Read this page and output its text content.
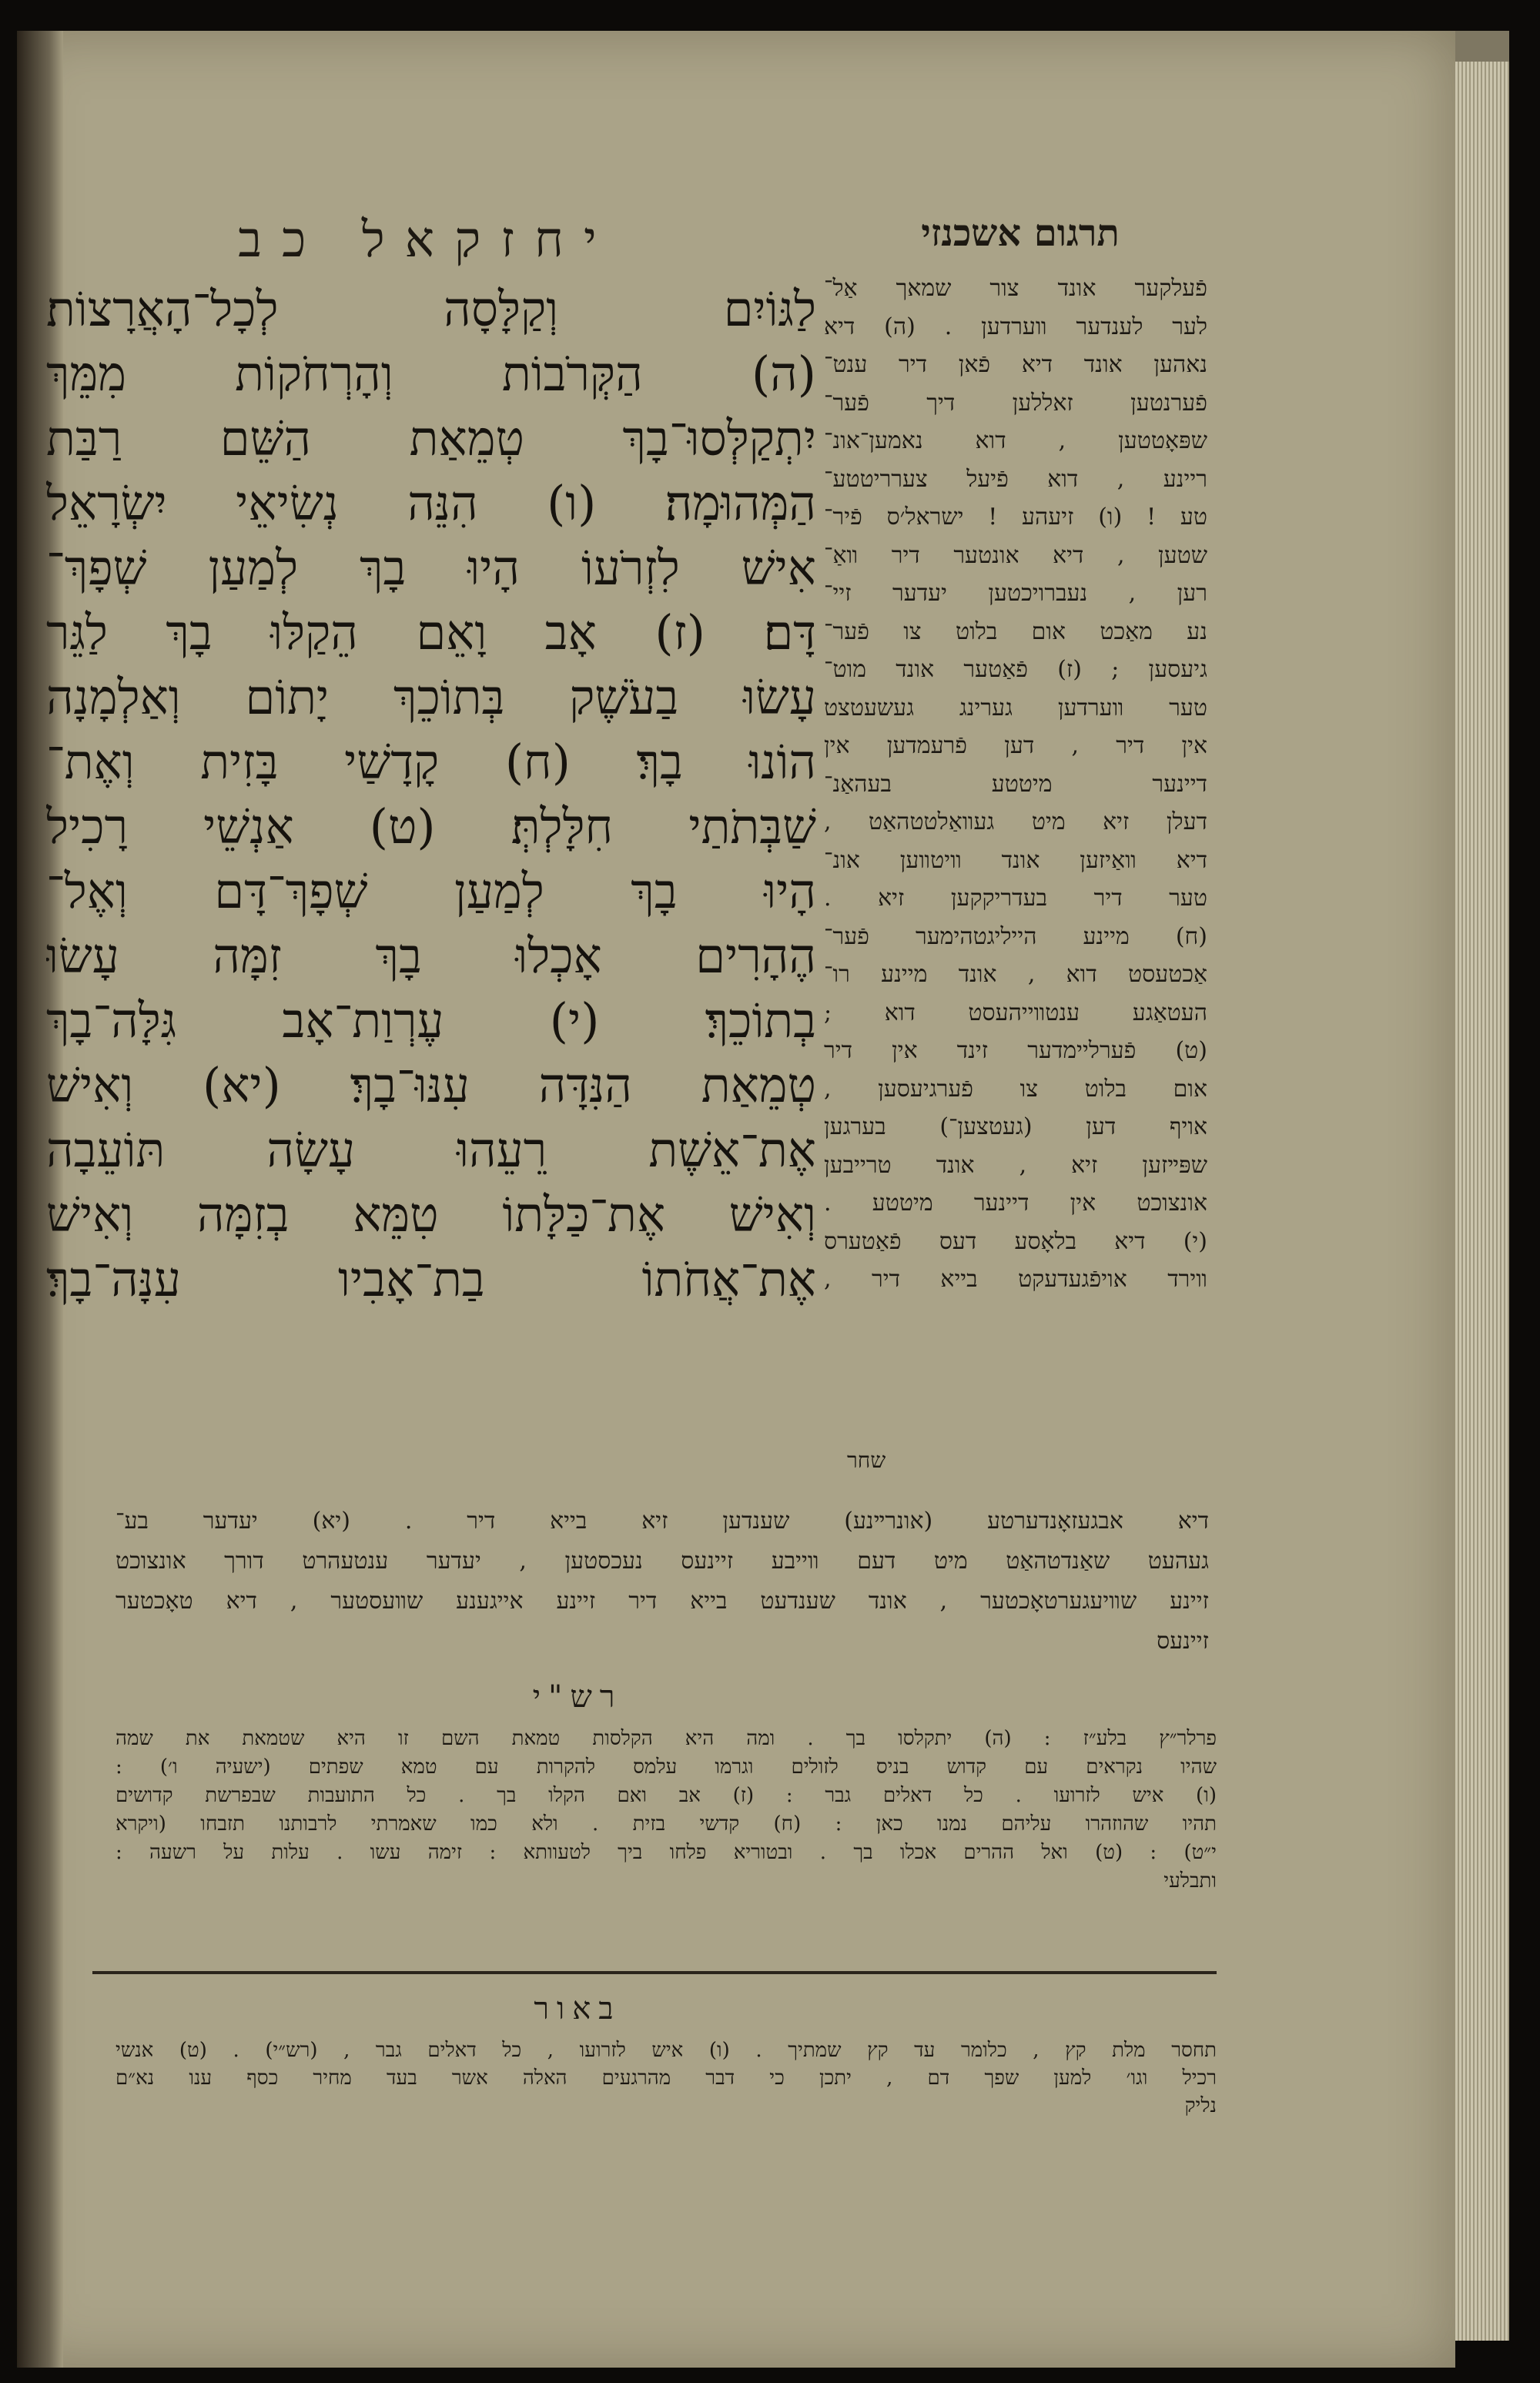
יחזקאל כב	תרגום אשכנזי
לַגּוֹיִם וְקַלָּסָה לְכָל־הָאֲרָצוֹת׃
(ה) הַקְּרֹבוֹת וְהָרְחֹקוֹת מִמֵּךְ
יִתְקַלְּסוּ־בָךְ טְמֵאַת הַשֵּׁם רַבַּת
הַמְּהוּמָה׃ (ו) הִנֵּה נְשִׂיאֵי יִשְׂרָאֵל
אִישׁ לִזְרֹעוֹ הָיוּ בָךְ לְמַעַן שְׁפָךְ־
דָּם׃ (ז) אָב וָאֵם הֵקַלּוּ בָךְ לַגֵּר
עָשׂוּ בַעֹשֶׁק בְּתוֹכֵךְ יָתוֹם וְאַלְמָנָה
הוֹנוּ בָךְ׃ (ח) קָדָשַׁי בָּזִית וְאֶת־
שַׁבְּתֹתַי חִלָּלְתְּ׃ (ט) אַנְשֵׁי רָכִיל
הָיוּ בָךְ לְמַעַן שְׁפָךְ־דָּם וְאֶל־
הֶהָרִים אָכְלוּ בָךְ זִמָּה עָשׂוּ
בְתוֹכֵךְ׃ (י) עֶרְוַת־אָב גִּלָּה־בָךְ
טְמֵאַת הַנִּדָּה עִנּוּ־בָךְ׃ (יא) וְאִישׁ
אֶת־אֵשֶׁת רֵעֵהוּ עָשָׂה תּוֹעֵבָה
וְאִישׁ אֶת־כַּלָּתוֹ טִמֵּא בְזִמָּה וְאִישׁ
אֶת־אֲחֹתוֹ בַת־אָבִיו עִנָּה־בָךְ׃
פֿעלקער אונד צור שמאך אַל־
לער לענדער װערדען . (ה) דיא
נאהען אונד דיא פֿאן דיר ענט־
פֿערנטען זאללען דיך פֿער־
שפּאָטטען , דוא נאמען־אונ־
ריינע , דוא פֿיעל צערריטטע־
טע ! (ו) זיעהע ! ישראל׳ס פֿיר־
שטען , דיא אונטער דיר װאַ־
רען , נעברויכטען יעדער זיי־
נע מאַכט אום בלוט צו פֿער־
גיעסען ; (ז) פֿאַטער אונד מוט־
טער װערדען גערינג געשעטצט
אין דיר , דען פֿרעמדען אין
דיינער מיטטע בעהאַנ־
דעלן זיא מיט געװאַלטטהאַט ,
דיא װאַיזען אונד װיטװען אונ־
טער דיר בעדריקקען זיא .
(ח) מיינע הייליגטהימער פֿער־
אַכטעסט דוא , אונד מיינע רו־
העטאַגע ענטװייהעסט דוא ;
(ט) פֿערליימדער זינד אין דיר
אום בלוט צו פֿערגיעסען ,
אויף דען (געטצען־) בערגען
שפּײזען זיא , אונד טרייבען
אונצוכט אין דיינער מיטטע .
(י) דיא בלאָסע דעס פֿאַטערס
װירד אויפֿגעדעקט בייא דיר ,
שחר
דיא אבגעזאָנדערטע (אונרײנע) שענדען זיא בייא דיר . (יא) יעדער בע־
געהעט שאַנדטהאַט מיט דעם װייבע זיינעס נעכסטען , יעדער ענטעהרט דורך אונצוכט
זיינע שװיעגערטאָכטער , אונד שענדעט בייא דיר זיינע אייגענע שװעסטער , דיא טאָכטער
זיינעס
רש"י
פרלר״ץ בלע״ז : (ה) יתקלסו בך . ומה היא הקלסות טמאת השם זו היא שטמאת את שמה
שהיו נקראים עם קדוש בניס לזולים וגרמו עלמס להקרות עם טמא שפתים (ישעיה ו׳) :
(ו) איש לזרועו . כל דאלים גבר : (ז) אב ואם הקלו בך . כל התועבות שבפרשת קדושים
תהיו שהוזהרו עליהם נמנו כאן : (ח) קדשי בזית . ולא כמו שאמרתי לרבותנו תזבחו (ויקרא
י״ט) : (ט) ואל ההרים אכלו בך . ובטוריא פלחו ביך לטעוותא : זימה עשו . עלות על רשעה :
ותבלעי
באור
תחסר מלת קץ , כלומר עד קץ שמתיך . (ו) איש לזרועו , כל דאלים גבר , (רש״י) . (ט) אנשי
רכיל וגו׳ למען שפך דם , יתכן כי דבר מהרגעים האלה אשר בעד מחיר כסף ענו נא״ם
נליק
